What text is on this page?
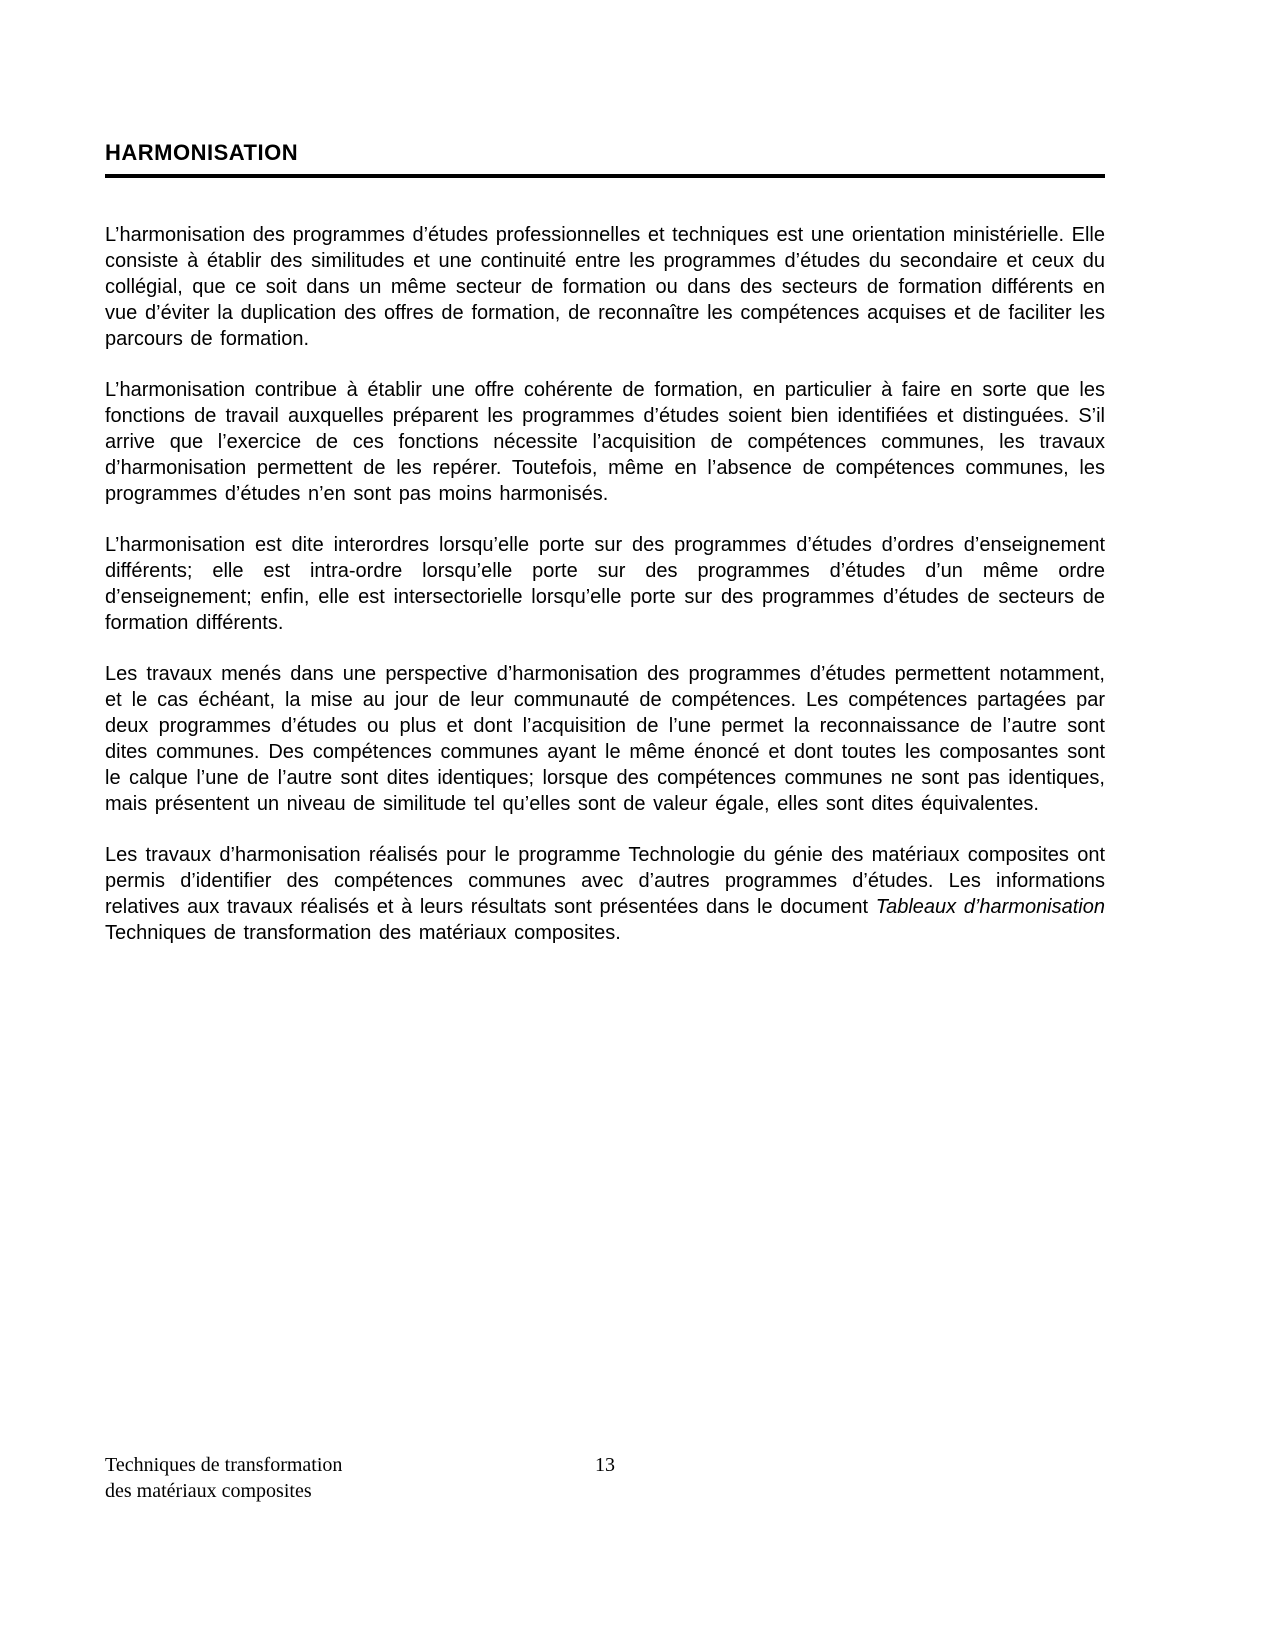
HARMONISATION

L’harmonisation des programmes d’études professionnelles et techniques est une orientation ministérielle. Elle consiste à établir des similitudes et une continuité entre les programmes d’études du secondaire et ceux du collégial, que ce soit dans un même secteur de formation ou dans des secteurs de formation différents en vue d’éviter la duplication des offres de formation, de reconnaître les compétences acquises et de faciliter les parcours de formation.

L’harmonisation contribue à établir une offre cohérente de formation, en particulier à faire en sorte que les fonctions de travail auxquelles préparent les programmes d’études soient bien identifiées et distinguées. S’il arrive que l’exercice de ces fonctions nécessite l’acquisition de compétences communes, les travaux d’harmonisation permettent de les repérer. Toutefois, même en l’absence de compétences communes, les programmes d’études n’en sont pas moins harmonisés.

L’harmonisation est dite interordres lorsqu’elle porte sur des programmes d’études d’ordres d’enseignement différents; elle est intra-ordre lorsqu’elle porte sur des programmes d’études d’un même ordre d’enseignement; enfin, elle est intersectorielle lorsqu’elle porte sur des programmes d’études de secteurs de formation différents.

Les travaux menés dans une perspective d’harmonisation des programmes d’études permettent notamment, et le cas échéant, la mise au jour de leur communauté de compétences. Les compétences partagées par deux programmes d’études ou plus et dont l’acquisition de l’une permet la reconnaissance de l’autre sont dites communes. Des compétences communes ayant le même énoncé et dont toutes les composantes sont le calque l’une de l’autre sont dites identiques; lorsque des compétences communes ne sont pas identiques, mais présentent un niveau de similitude tel qu’elles sont de valeur égale, elles sont dites équivalentes.

Les travaux d’harmonisation réalisés pour le programme Technologie du génie des matériaux composites ont permis d’identifier des compétences communes avec d’autres programmes d’études. Les informations relatives aux travaux réalisés et à leurs résultats sont présentées dans le document Tableaux d’harmonisation Techniques de transformation des matériaux composites.

13
Techniques de transformation
des matériaux composites
